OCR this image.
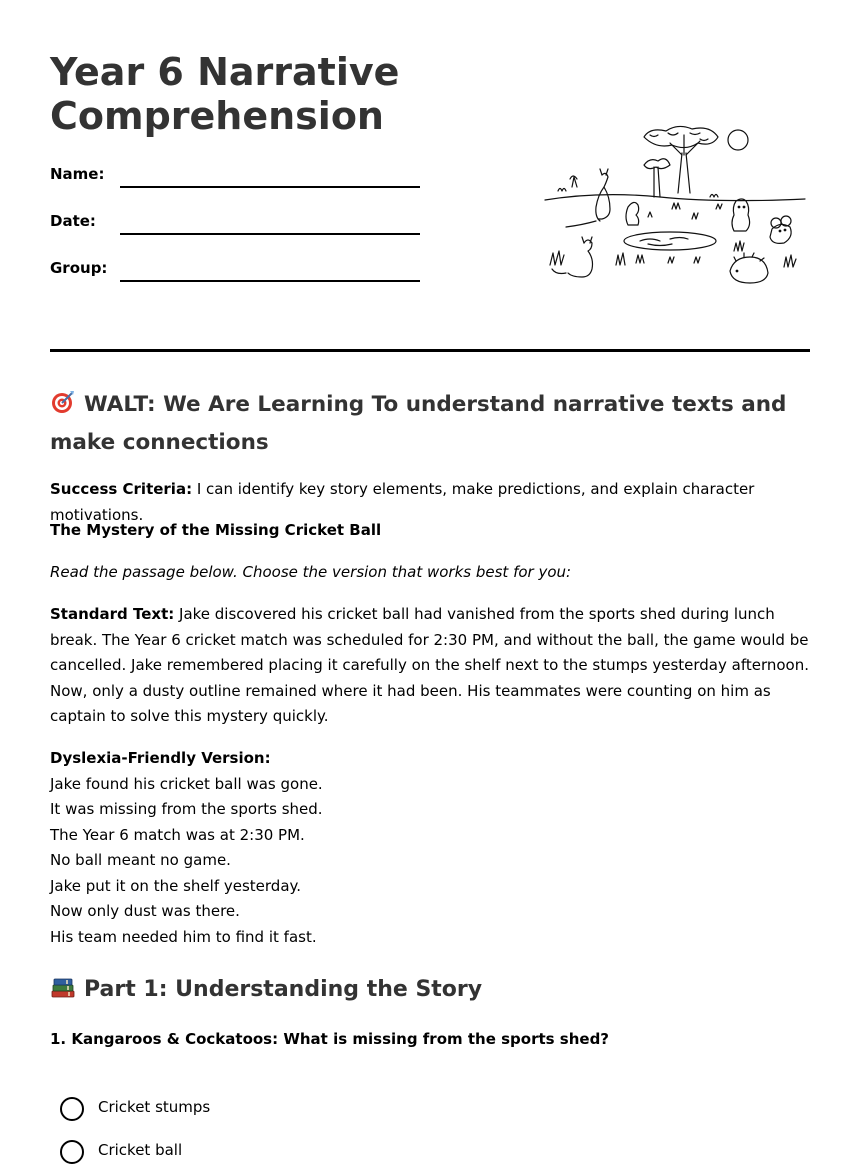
Year 6 Narrative
Comprehension
Name:
Date:
Group:
WALT: We Are Learning To understand narrative texts and make connections

Success Criteria: I can identify key story elements, make predictions, and explain character motivations.

The Mystery of the Missing Cricket Ball

Read the passage below. Choose the version that works best for you:

Standard Text: Jake discovered his cricket ball had vanished from the sports shed during lunch break. The Year 6 cricket match was scheduled for 2:30 PM, and without the ball, the game would be cancelled. Jake remembered placing it carefully on the shelf next to the stumps yesterday afternoon. Now, only a dusty outline remained where it had been. His teammates were counting on him as captain to solve this mystery quickly.

Dyslexia-Friendly Version:
Jake found his cricket ball was gone.
It was missing from the sports shed.
The Year 6 match was at 2:30 PM.
No ball meant no game.
Jake put it on the shelf yesterday.
Now only dust was there.
His team needed him to find it fast.
Part 1: Understanding the Story
1. Kangaroos & Cockatoos: What is missing from the sports shed?
Cricket stumps
Cricket ball
